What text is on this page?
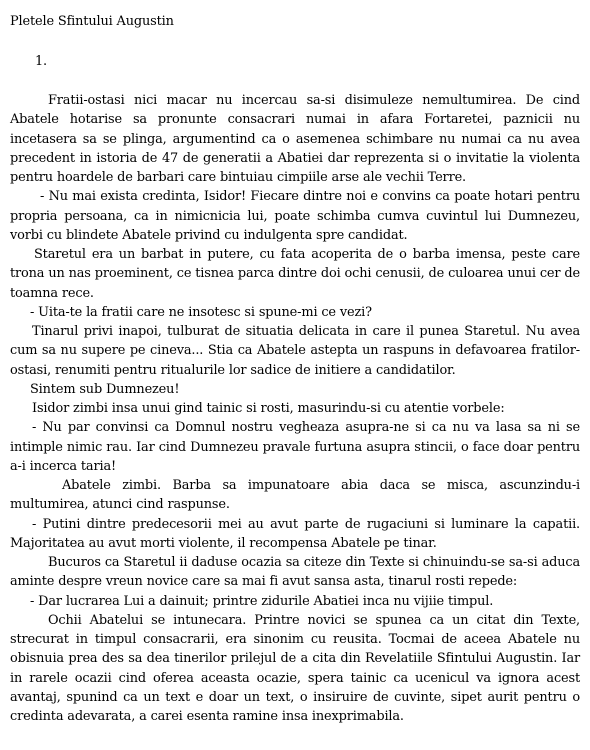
Pletele Sfintului Augustin
1.

Fratii-ostasi nici macar nu incercau sa-si disimuleze nemultumirea. De cind Abatele hotarise sa pronunte consacrari numai in afara Fortaretei, paznicii nu incetasera sa se plinga, argumentind ca o asemenea schimbare nu numai ca nu avea precedent in istoria de 47 de generatii a Abatiei dar reprezenta si o invitatie la violenta pentru hoardele de barbari care bintuiau cimpiile arse ale vechii Terre.

- Nu mai exista credinta, Isidor! Fiecare dintre noi e convins ca poate hotari pentru propria persoana, ca in nimicnicia lui, poate schimba cumva cuvintul lui Dumnezeu, vorbi cu blindete Abatele privind cu indulgenta spre candidat.

Staretul era un barbat in putere, cu fata acoperita de o barba imensa, peste care trona un nas proeminent, ce tisnea parca dintre doi ochi cenusii, de culoarea unui cer de toamna rece.

- Uita-te la fratii care ne insotesc si spune-mi ce vezi?

Tinarul privi inapoi, tulburat de situatia delicata in care il punea Staretul. Nu avea cum sa nu supere pe cineva... Stia ca Abatele astepta un raspuns in defavoarea fratilor-ostasi, renumiti pentru ritualurile lor sadice de initiere a candidatilor.

Sintem sub Dumnezeu!

Isidor zimbi insa unui gind tainic si rosti, masurindu-si cu atentie vorbele:

- Nu par convinsi ca Domnul nostru vegheaza asupra-ne si ca nu va lasa sa ni se intimple nimic rau. Iar cind Dumnezeu pravale furtuna asupra stincii, o face doar pentru a-i incerca taria!

Abatele zimbi. Barba sa impunatoare abia daca se misca, ascunzindu-i multumirea, atunci cind raspunse.

- Putini dintre predecesorii mei au avut parte de rugaciuni si luminare la capatii. Majoritatea au avut morti violente, il recompensa Abatele pe tinar.

Bucuros ca Staretul ii daduse ocazia sa citeze din Texte si chinuindu-se sa-si aduca aminte despre vreun novice care sa mai fi avut sansa asta, tinarul rosti repede:

- Dar lucrarea Lui a dainuit; printre zidurile Abatiei inca nu vijiie timpul.

Ochii Abatelui se intunecara. Printre novici se spunea ca un citat din Texte, strecurat in timpul consacrarii, era sinonim cu reusita. Tocmai de aceea Abatele nu obisnuia prea des sa dea tinerilor prilejul de a cita din Revelatiile Sfintului Augustin. Iar in rarele ocazii cind oferea aceasta ocazie, spera tainic ca ucenicul va ignora acest avantaj, spunind ca un text e doar un text, o insiruire de cuvinte, sipet aurit pentru o credinta adevarata, a carei esenta ramine insa inexprimabila.
